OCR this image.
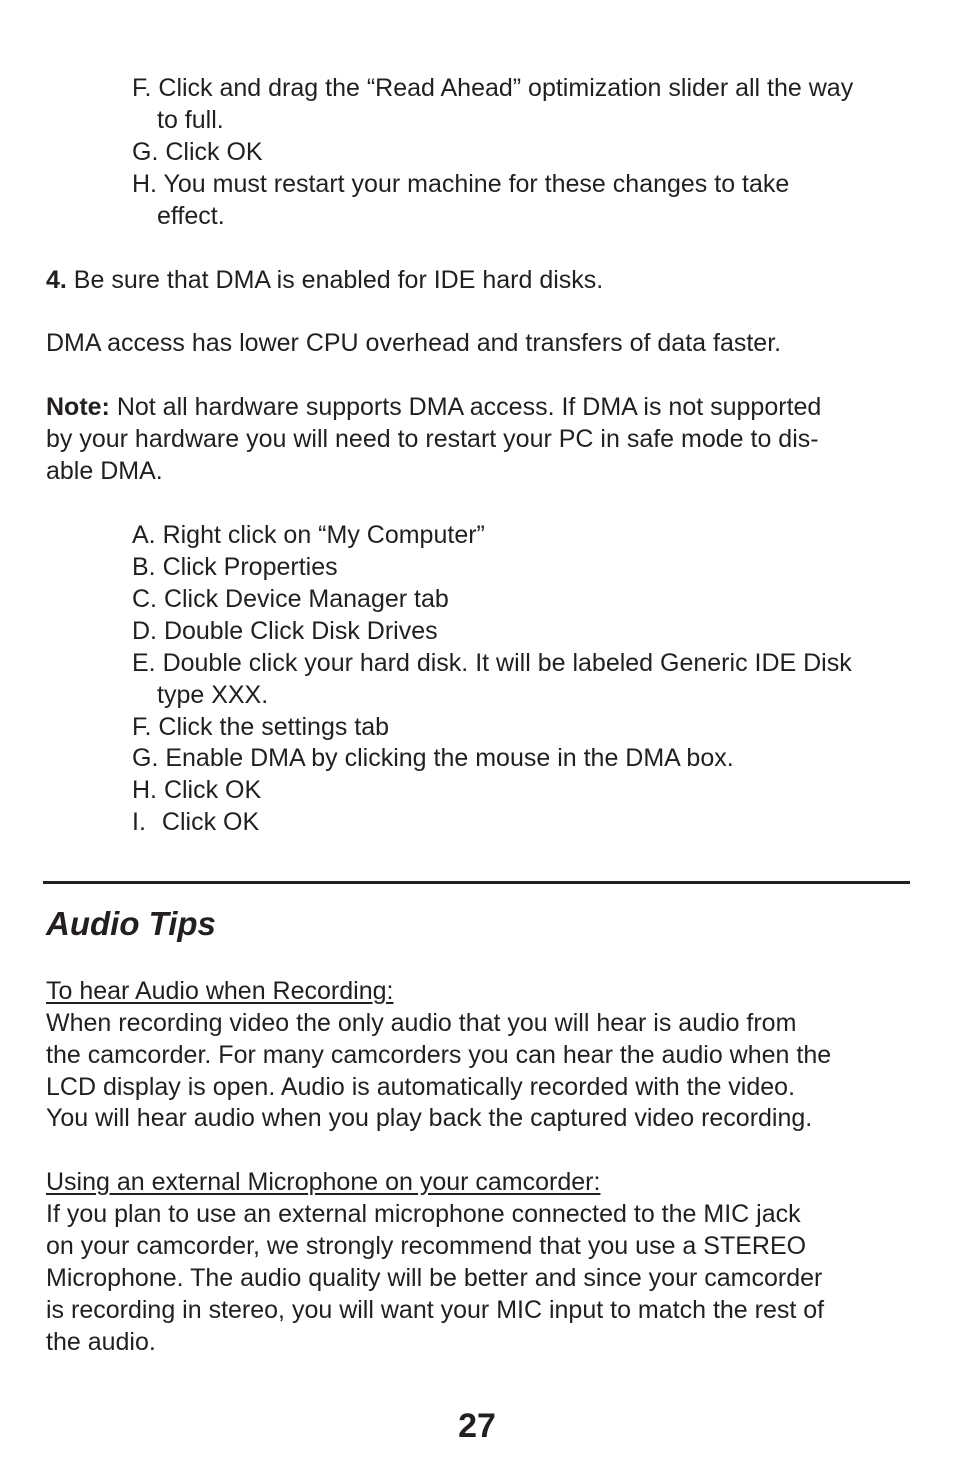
F. Click and drag the “Read Ahead” optimization slider all the way
to full.
G. Click OK
H. You must restart your machine for these changes to take
effect.
4. Be sure that DMA is enabled for IDE hard disks.
DMA access has lower CPU overhead and transfers of data faster.
Note: Not all hardware supports DMA access. If DMA is not supported
by your hardware you will need to restart your PC in safe mode to dis-
able DMA.
A. Right click on “My Computer”
B. Click Properties
C. Click Device Manager tab
D. Double Click Disk Drives
E. Double click your hard disk. It will be labeled Generic IDE Disk
type XXX.
F. Click the settings tab
G. Enable DMA by clicking the mouse in the DMA box.
H. Click OK
I. Click OK
Audio Tips
To hear Audio when Recording:
When recording video the only audio that you will hear is audio from
the camcorder. For many camcorders you can hear the audio when the
LCD display is open. Audio is automatically recorded with the video.
You will hear audio when you play back the captured video recording.
Using an external Microphone on your camcorder:
If you plan to use an external microphone connected to the MIC jack
on your camcorder, we strongly recommend that you use a STEREO
Microphone. The audio quality will be better and since your camcorder
is recording in stereo, you will want your MIC input to match the rest of
the audio.
27
